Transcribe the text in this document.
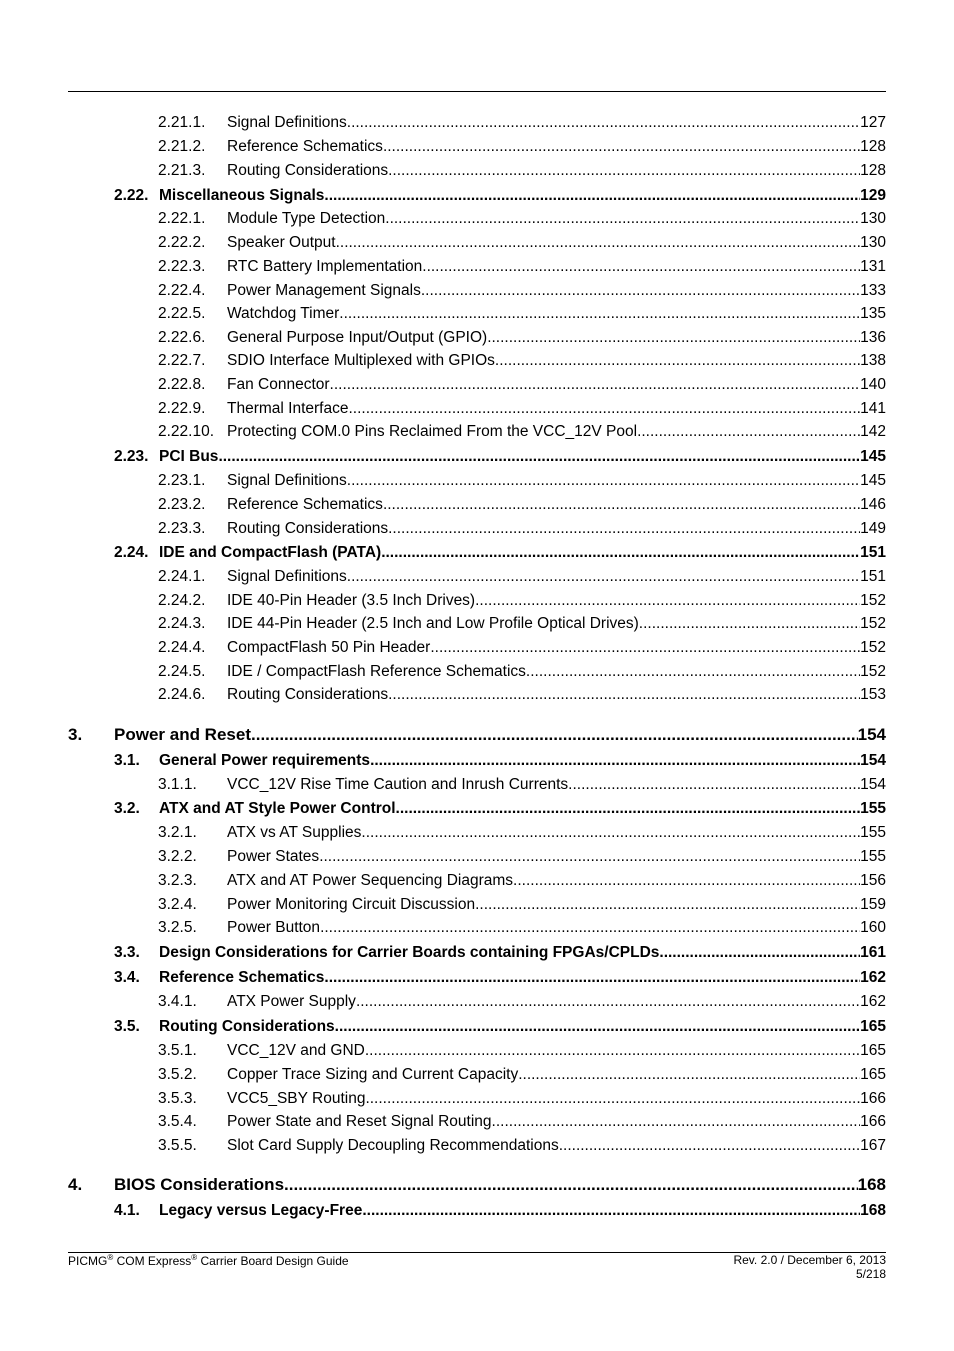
2.21.1. Signal Definitions .....	127
2.21.2. Reference Schematics .....	128
2.21.3. Routing Considerations .....	128
2.22. Miscellaneous Signals .....	129
2.22.1. Module Type Detection .....	130
2.22.2. Speaker Output .....	130
2.22.3. RTC Battery Implementation .....	131
2.22.4. Power Management Signals .....	133
2.22.5. Watchdog Timer .....	135
2.22.6. General Purpose Input/Output (GPIO) .....	136
2.22.7. SDIO Interface Multiplexed with GPIOs .....	138
2.22.8. Fan Connector .....	140
2.22.9. Thermal Interface .....	141
2.22.10. Protecting COM.0 Pins Reclaimed From the VCC_12V Pool .....	142
2.23. PCI Bus .....	145
2.23.1. Signal Definitions .....	145
2.23.2. Reference Schematics .....	146
2.23.3. Routing Considerations .....	149
2.24. IDE and CompactFlash (PATA) .....	151
2.24.1. Signal Definitions .....	151
2.24.2. IDE 40-Pin Header (3.5 Inch Drives) .....	152
2.24.3. IDE 44-Pin Header (2.5 Inch and Low Profile Optical Drives) .....	152
2.24.4. CompactFlash 50 Pin Header .....	152
2.24.5. IDE / CompactFlash Reference Schematics .....	152
2.24.6. Routing Considerations .....	153
3. Power and Reset .....	154
3.1. General Power requirements .....	154
3.1.1. VCC_12V Rise Time Caution and Inrush Currents .....	154
3.2. ATX and AT Style Power Control .....	155
3.2.1. ATX vs AT Supplies .....	155
3.2.2. Power States .....	155
3.2.3. ATX and AT Power Sequencing Diagrams .....	156
3.2.4. Power Monitoring Circuit Discussion .....	159
3.2.5. Power Button .....	160
3.3. Design Considerations for Carrier Boards containing FPGAs/CPLDs .....	161
3.4. Reference Schematics .....	162
3.4.1. ATX Power Supply .....	162
3.5. Routing Considerations .....	165
3.5.1. VCC_12V and GND .....	165
3.5.2. Copper Trace Sizing and Current Capacity .....	165
3.5.3. VCC5_SBY Routing .....	166
3.5.4. Power State and Reset Signal Routing .....	166
3.5.5. Slot Card Supply Decoupling Recommendations .....	167
4. BIOS Considerations .....	168
4.1. Legacy versus Legacy-Free .....	168
PICMG® COM Express® Carrier Board Design Guide	Rev. 2.0 / December 6, 2013
5/218
